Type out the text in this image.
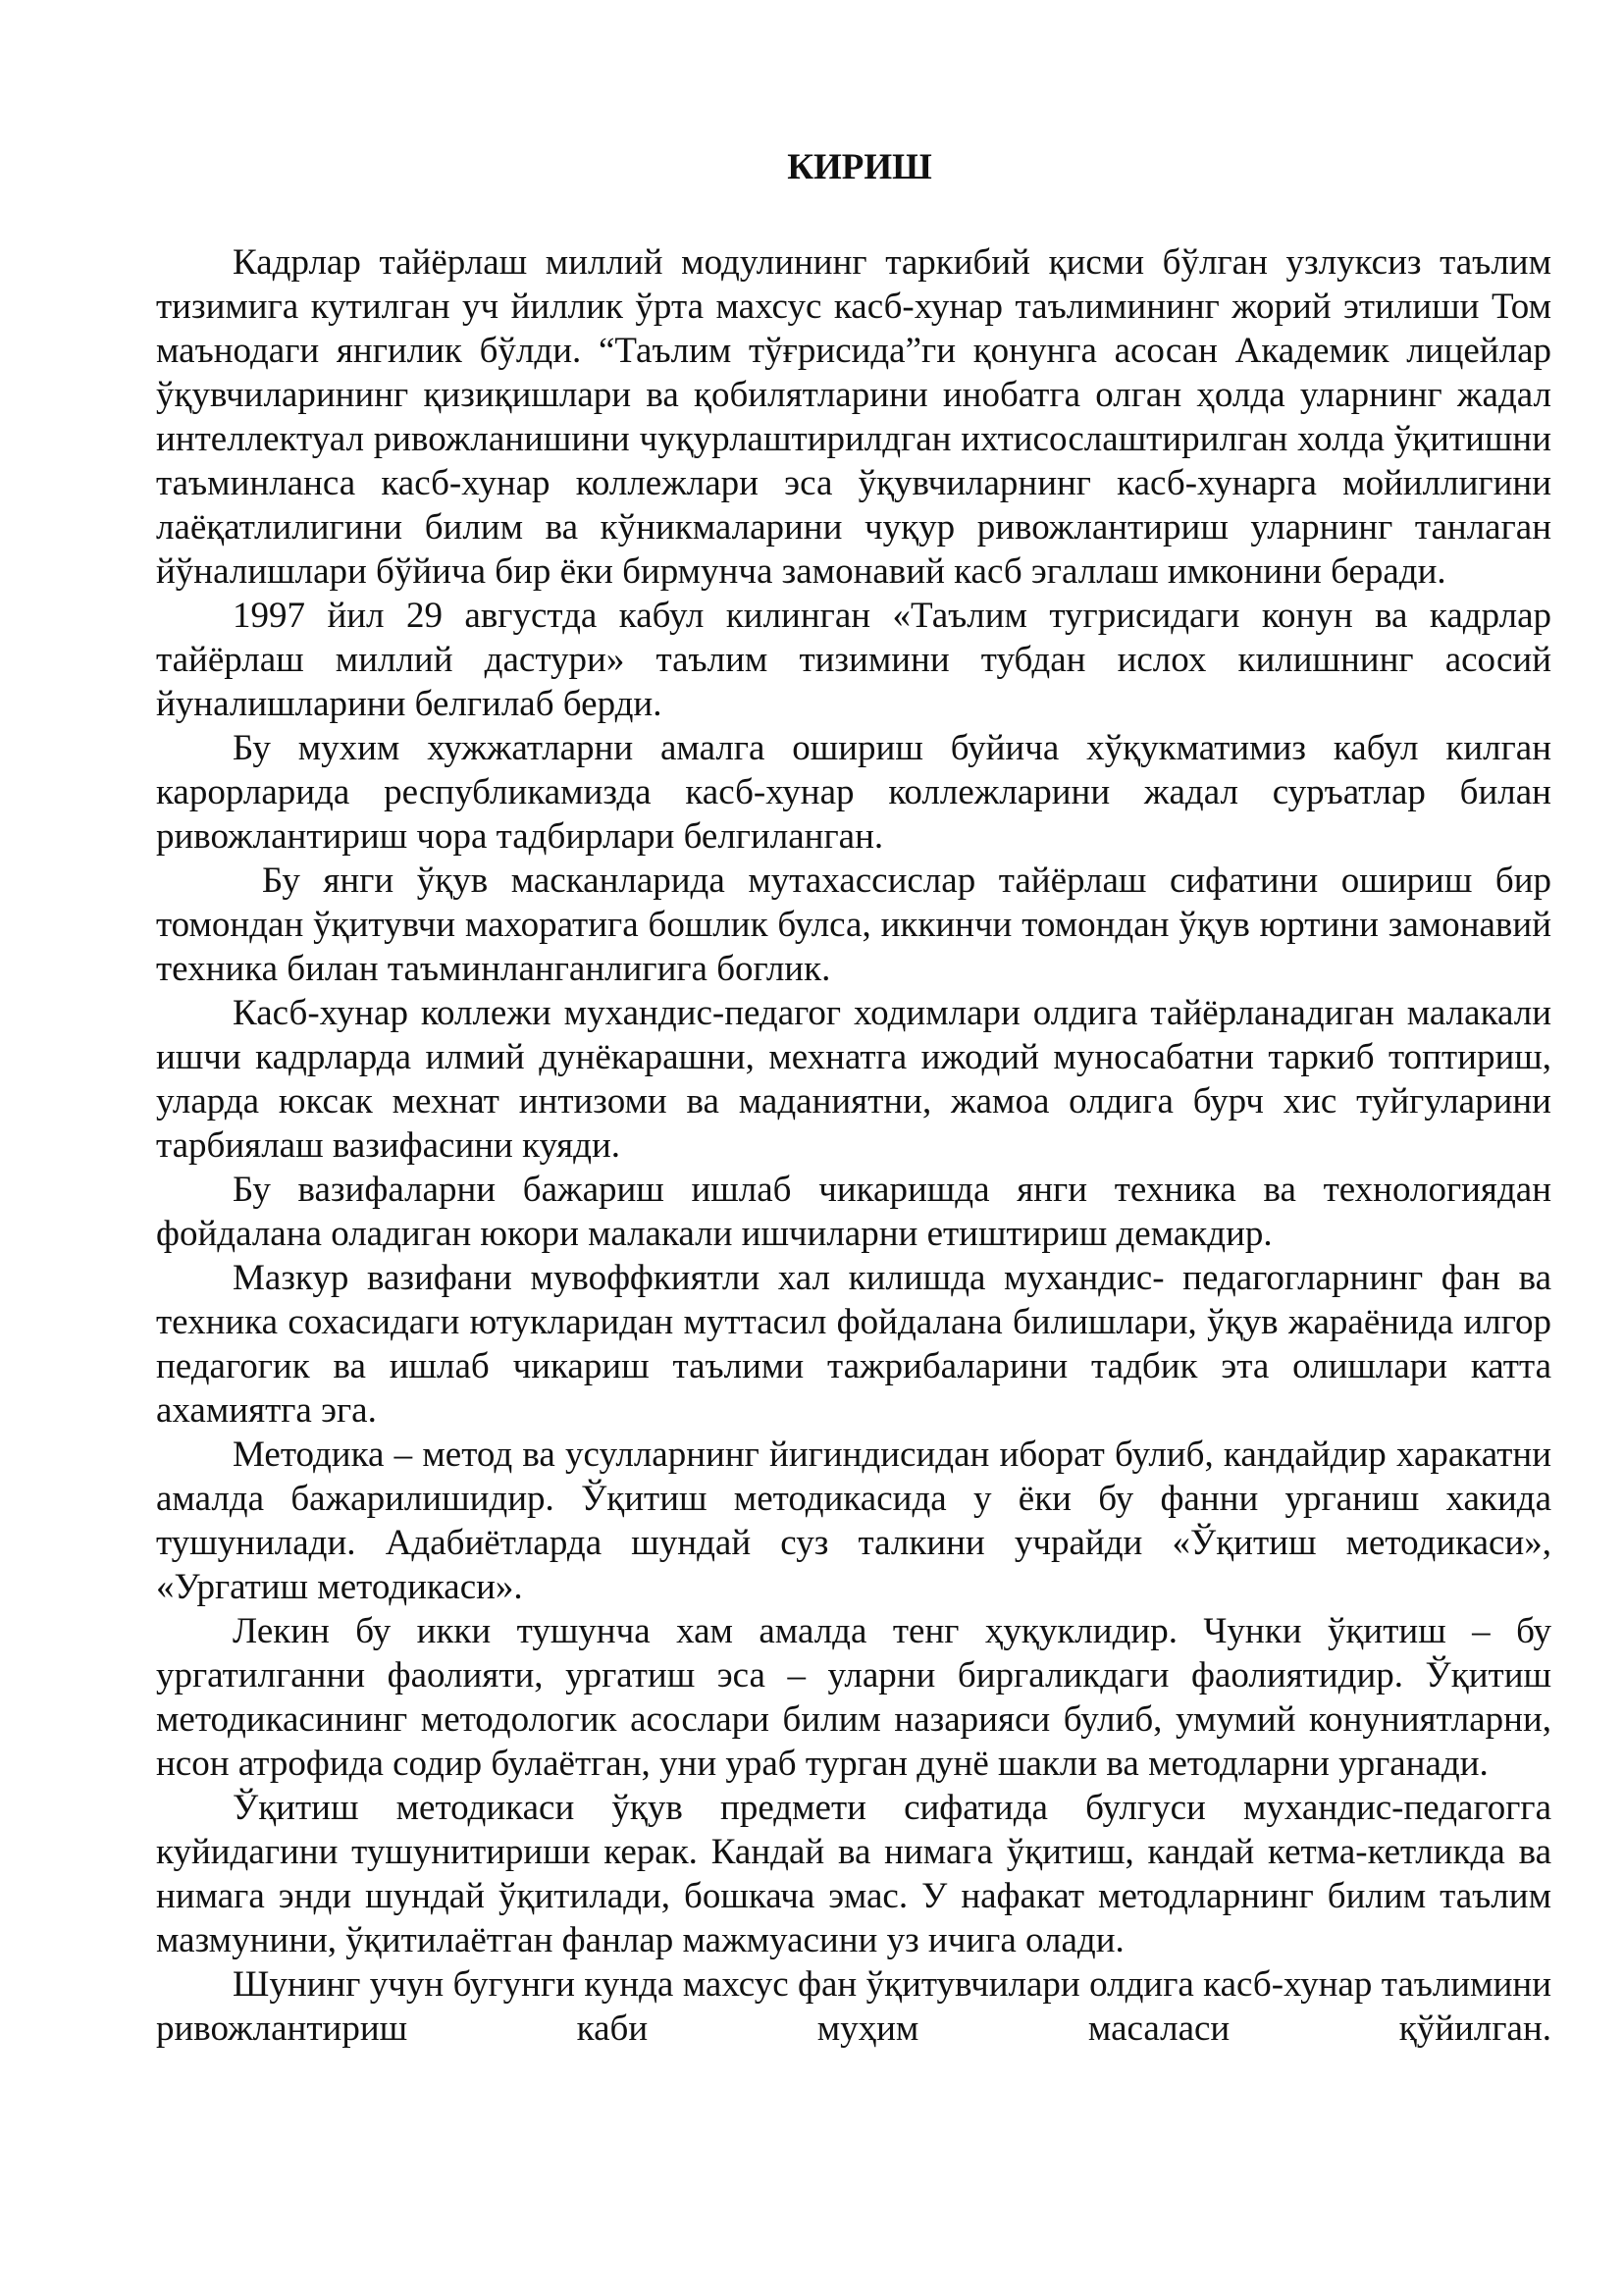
КИРИШ

Кадрлар тайёрлаш миллий модулининг таркибий қисми бўлган узлуксиз таълим тизимига кутилган уч йиллик ўрта махсус касб-хунар таълимининг жорий этилиши Том маънодаги янгилик бўлди. “Таълим тўғрисида”ги қонунга асосан Академик лицейлар ўқувчиларининг қизиқишлари ва қобилятларини инобатга олган ҳолда уларнинг жадал интеллектуал ривожланишини чуқурлаштирилдган ихтисослаштирилган холда ўқитишни таъминланса касб-хунар коллежлари эса ўқувчиларнинг касб-хунарга мойиллигини лаёқатлилигини билим ва кўникмаларини чуқур ривожлантириш уларнинг танлаган йўналишлари бўйича бир ёки бирмунча замонавий касб эгаллаш имконини беради.

1997 йил 29 августда кабул килинган «Таълим тугрисидаги конун ва кадрлар тайёрлаш миллий дастури» таълим тизимини тубдан ислох килишнинг асосий йуналишларини белгилаб берди.

Бу мухим хужжатларни амалга ошириш буйича хўқукматимиз кабул килган карорларида республикамизда касб-хунар коллежларини жадал суръатлар билан ривожлантириш чора тадбирлари белгиланган.

Бу янги ўқув масканларида мутахассислар тайёрлаш сифатини ошириш бир томондан ўқитувчи махоратига бошлик булса, иккинчи томондан ўқув юртини замонавий техника билан таъминланганлигига боглик.

Касб-хунар коллежи мухандис-педагог ходимлари олдига тайёрланадиган малакали ишчи кадрларда илмий дунёкарашни, мехнатга ижодий муносабатни таркиб топтириш, уларда юксак мехнат интизоми ва маданиятни, жамоа олдига бурч хис туйгуларини тарбиялаш вазифасини куяди.

Бу вазифаларни бажариш ишлаб чикаришда янги техника ва технологиядан фойдалана оладиган юкори малакали ишчиларни етиштириш демакдир.

Мазкур вазифани мувоффкиятли хал килишда мухандис- педагогларнинг фан ва техника сохасидаги ютукларидан муттасил фойдалана билишлари, ўқув жараёнида илгор педагогик ва ишлаб чикариш таълими тажрибаларини тадбик эта олишлари катта ахамиятга эга.

Методика – метод ва усулларнинг йигиндисидан иборат булиб, кандайдир харакатни амалда бажарилишидир. Ўқитиш методикасида у ёки бу фанни урганиш хакида тушунилади. Адабиётларда шундай суз талкини учрайди «Ўқитиш методикаси», «Ургатиш методикаси».

Лекин бу икки тушунча хам амалда тенг ҳуқуклидир. Чунки ўқитиш – бу ургатилганни фаолияти, ургатиш эса – уларни биргаликдаги фаолиятидир. Ўқитиш методикасининг методологик асослари билим назарияси булиб, умумий конуниятларни, нсон атрофида содир булаётган, уни ураб турган дунё шакли ва методларни урганади.

Ўқитиш методикаси ўқув предмети сифатида булгуси мухандис-педагогга куйидагини тушунитириши керак. Кандай ва нимага ўқитиш, кандай кетма-кетликда ва нимага энди шундай ўқитилади, бошкача эмас. У нафакат методларнинг билим таълим мазмунини, ўқитилаётган фанлар мажмуасини уз ичига олади.

Шунинг учун бугунги кунда махсус фан ўқитувчилари олдига касб-хунар таълимини ривожлантириш каби муҳим масаласи қўйилган.
